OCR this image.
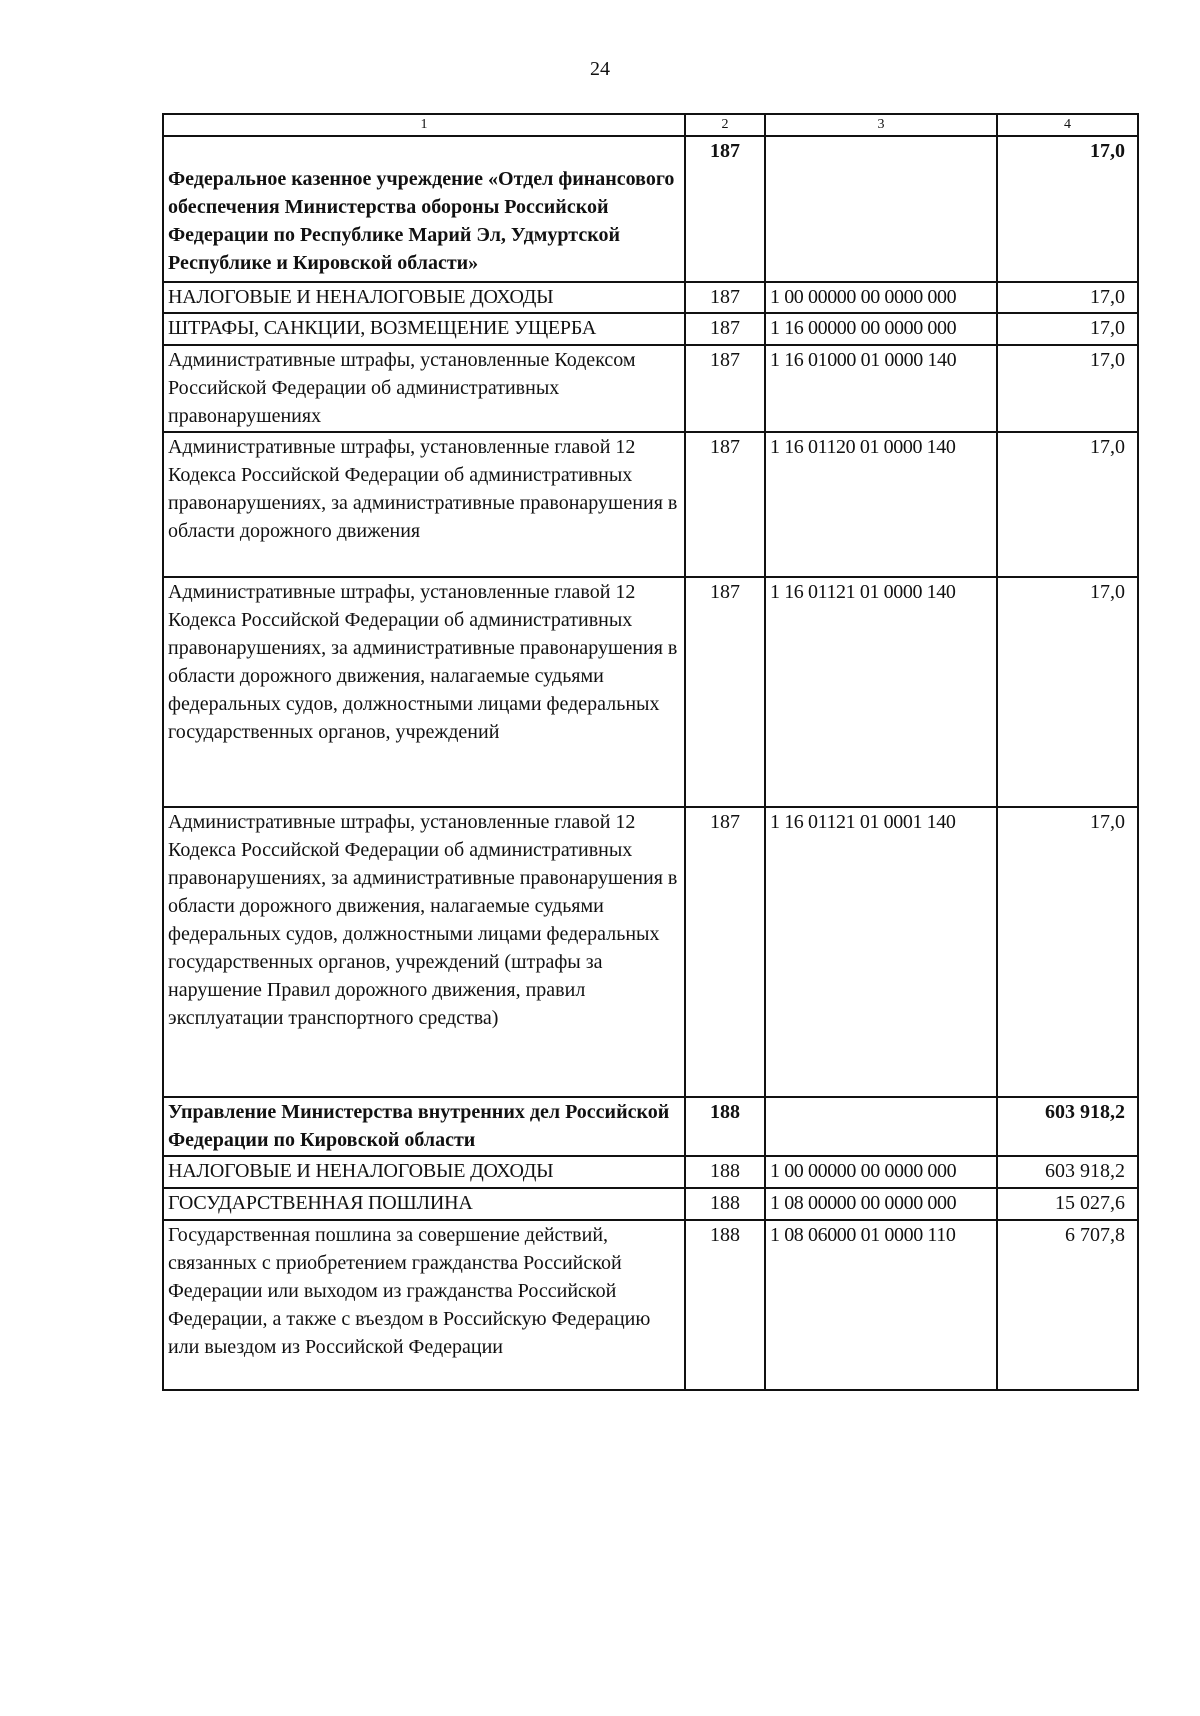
24
1	2	3	4

Федеральное казенное учреждение «Отдел финансового обеспечения Министерства обороны Российской Федерации по Республике Марий Эл, Удмуртской Республике и Кировской области»	187		17,0
НАЛОГОВЫЕ И НЕНАЛОГОВЫЕ ДОХОДЫ	187	1 00 00000 00 0000 000	17,0
ШТРАФЫ, САНКЦИИ, ВОЗМЕЩЕНИЕ УЩЕРБА	187	1 16 00000 00 0000 000	17,0
Административные штрафы, установленные Кодексом Российской Федерации об административных правонарушениях	187	1 16 01000 01 0000 140	17,0
Административные штрафы, установленные главой 12 Кодекса Российской Федерации об административных правонарушениях, за административные правонарушения в области дорожного движения	187	1 16 01120 01 0000 140	17,0
Административные штрафы, установленные главой 12 Кодекса Российской Федерации об административных правонарушениях, за административные правонарушения в области дорожного движения, налагаемые судьями федеральных судов, должностными лицами федеральных государственных органов, учреждений	187	1 16 01121 01 0000 140	17,0
Административные штрафы, установленные главой 12 Кодекса Российской Федерации об административных правонарушениях, за административные правонарушения в области дорожного движения, налагаемые судьями федеральных судов, должностными лицами федеральных государственных органов, учреждений (штрафы за нарушение Правил дорожного движения, правил эксплуатации транспортного средства)	187	1 16 01121 01 0001 140	17,0
Управление Министерства внутренних дел Российской Федерации по Кировской области	188		603 918,2
НАЛОГОВЫЕ И НЕНАЛОГОВЫЕ ДОХОДЫ	188	1 00 00000 00 0000 000	603 918,2
ГОСУДАРСТВЕННАЯ ПОШЛИНА	188	1 08 00000 00 0000 000	15 027,6
Государственная пошлина за совершение действий, связанных с приобретением гражданства Российской Федерации или выходом из гражданства Российской Федерации, а также с въездом в Российскую Федерацию или выездом из Российской Федерации	188	1 08 06000 01 0000 110	6 707,8
